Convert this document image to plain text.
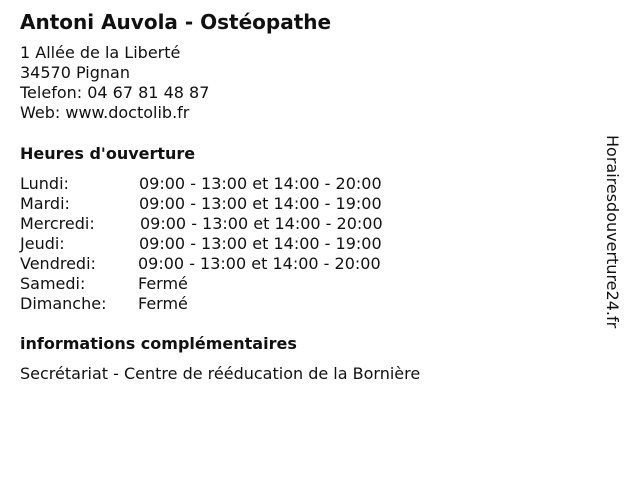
Antoni Auvola - Ostéopathe
1 Allée de la Liberté
34570 Pignan
Telefon: 04 67 81 48 87
Web: www.doctolib.fr
Heures d'ouverture
Lundi:	09:00 - 13:00 et 14:00 - 20:00
Mardi:	09:00 - 13:00 et 14:00 - 19:00
Mercredi:	09:00 - 13:00 et 14:00 - 20:00
Jeudi:	09:00 - 13:00 et 14:00 - 19:00
Vendredi:	09:00 - 13:00 et 14:00 - 20:00
Samedi:	Fermé
Dimanche: Fermé
informations complémentaires
Secrétariat - Centre de rééducation de la Bornière
Horairesdouverture24.fr
